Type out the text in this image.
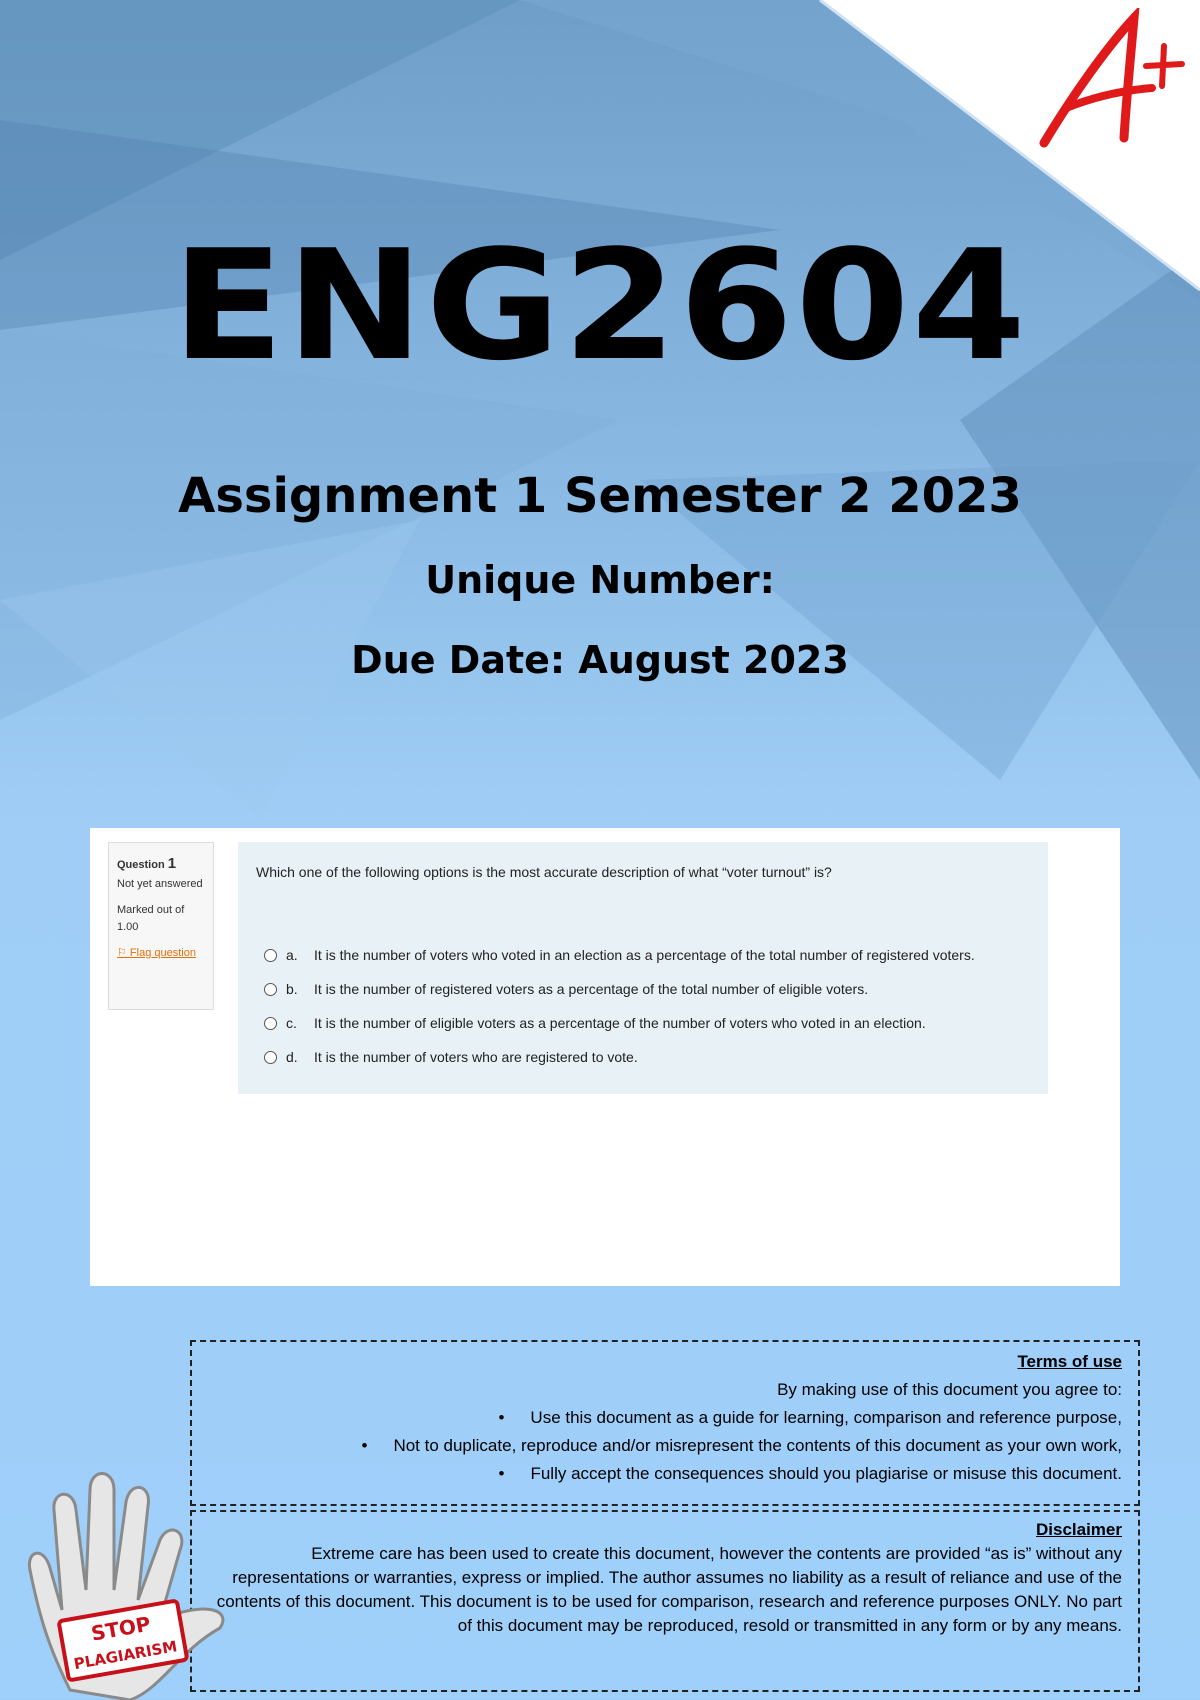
ENG2604
Assignment 1 Semester 2 2023
Unique Number:
Due Date: August 2023
Question 1
Not yet answered
Marked out of 1.00
⚐ Flag question
Which one of the following options is the most accurate description of what “voter turnout” is?
a.	It is the number of voters who voted in an election as a percentage of the total number of registered voters.
b.	It is the number of registered voters as a percentage of the total number of eligible voters.
c.	It is the number of eligible voters as a percentage of the number of voters who voted in an election.
d.	It is the number of voters who are registered to vote.
Terms of use
By making use of this document you agree to:
• Use this document as a guide for learning, comparison and reference purpose,
• Not to duplicate, reproduce and/or misrepresent the contents of this document as your own work,
• Fully accept the consequences should you plagiarise or misuse this document.
Disclaimer
Extreme care has been used to create this document, however the contents are provided “as is” without any representations or warranties, express or implied. The author assumes no liability as a result of reliance and use of the contents of this document. This document is to be used for comparison, research and reference purposes ONLY. No part of this document may be reproduced, resold or transmitted in any form or by any means.
STOP
PLAGIARISM
